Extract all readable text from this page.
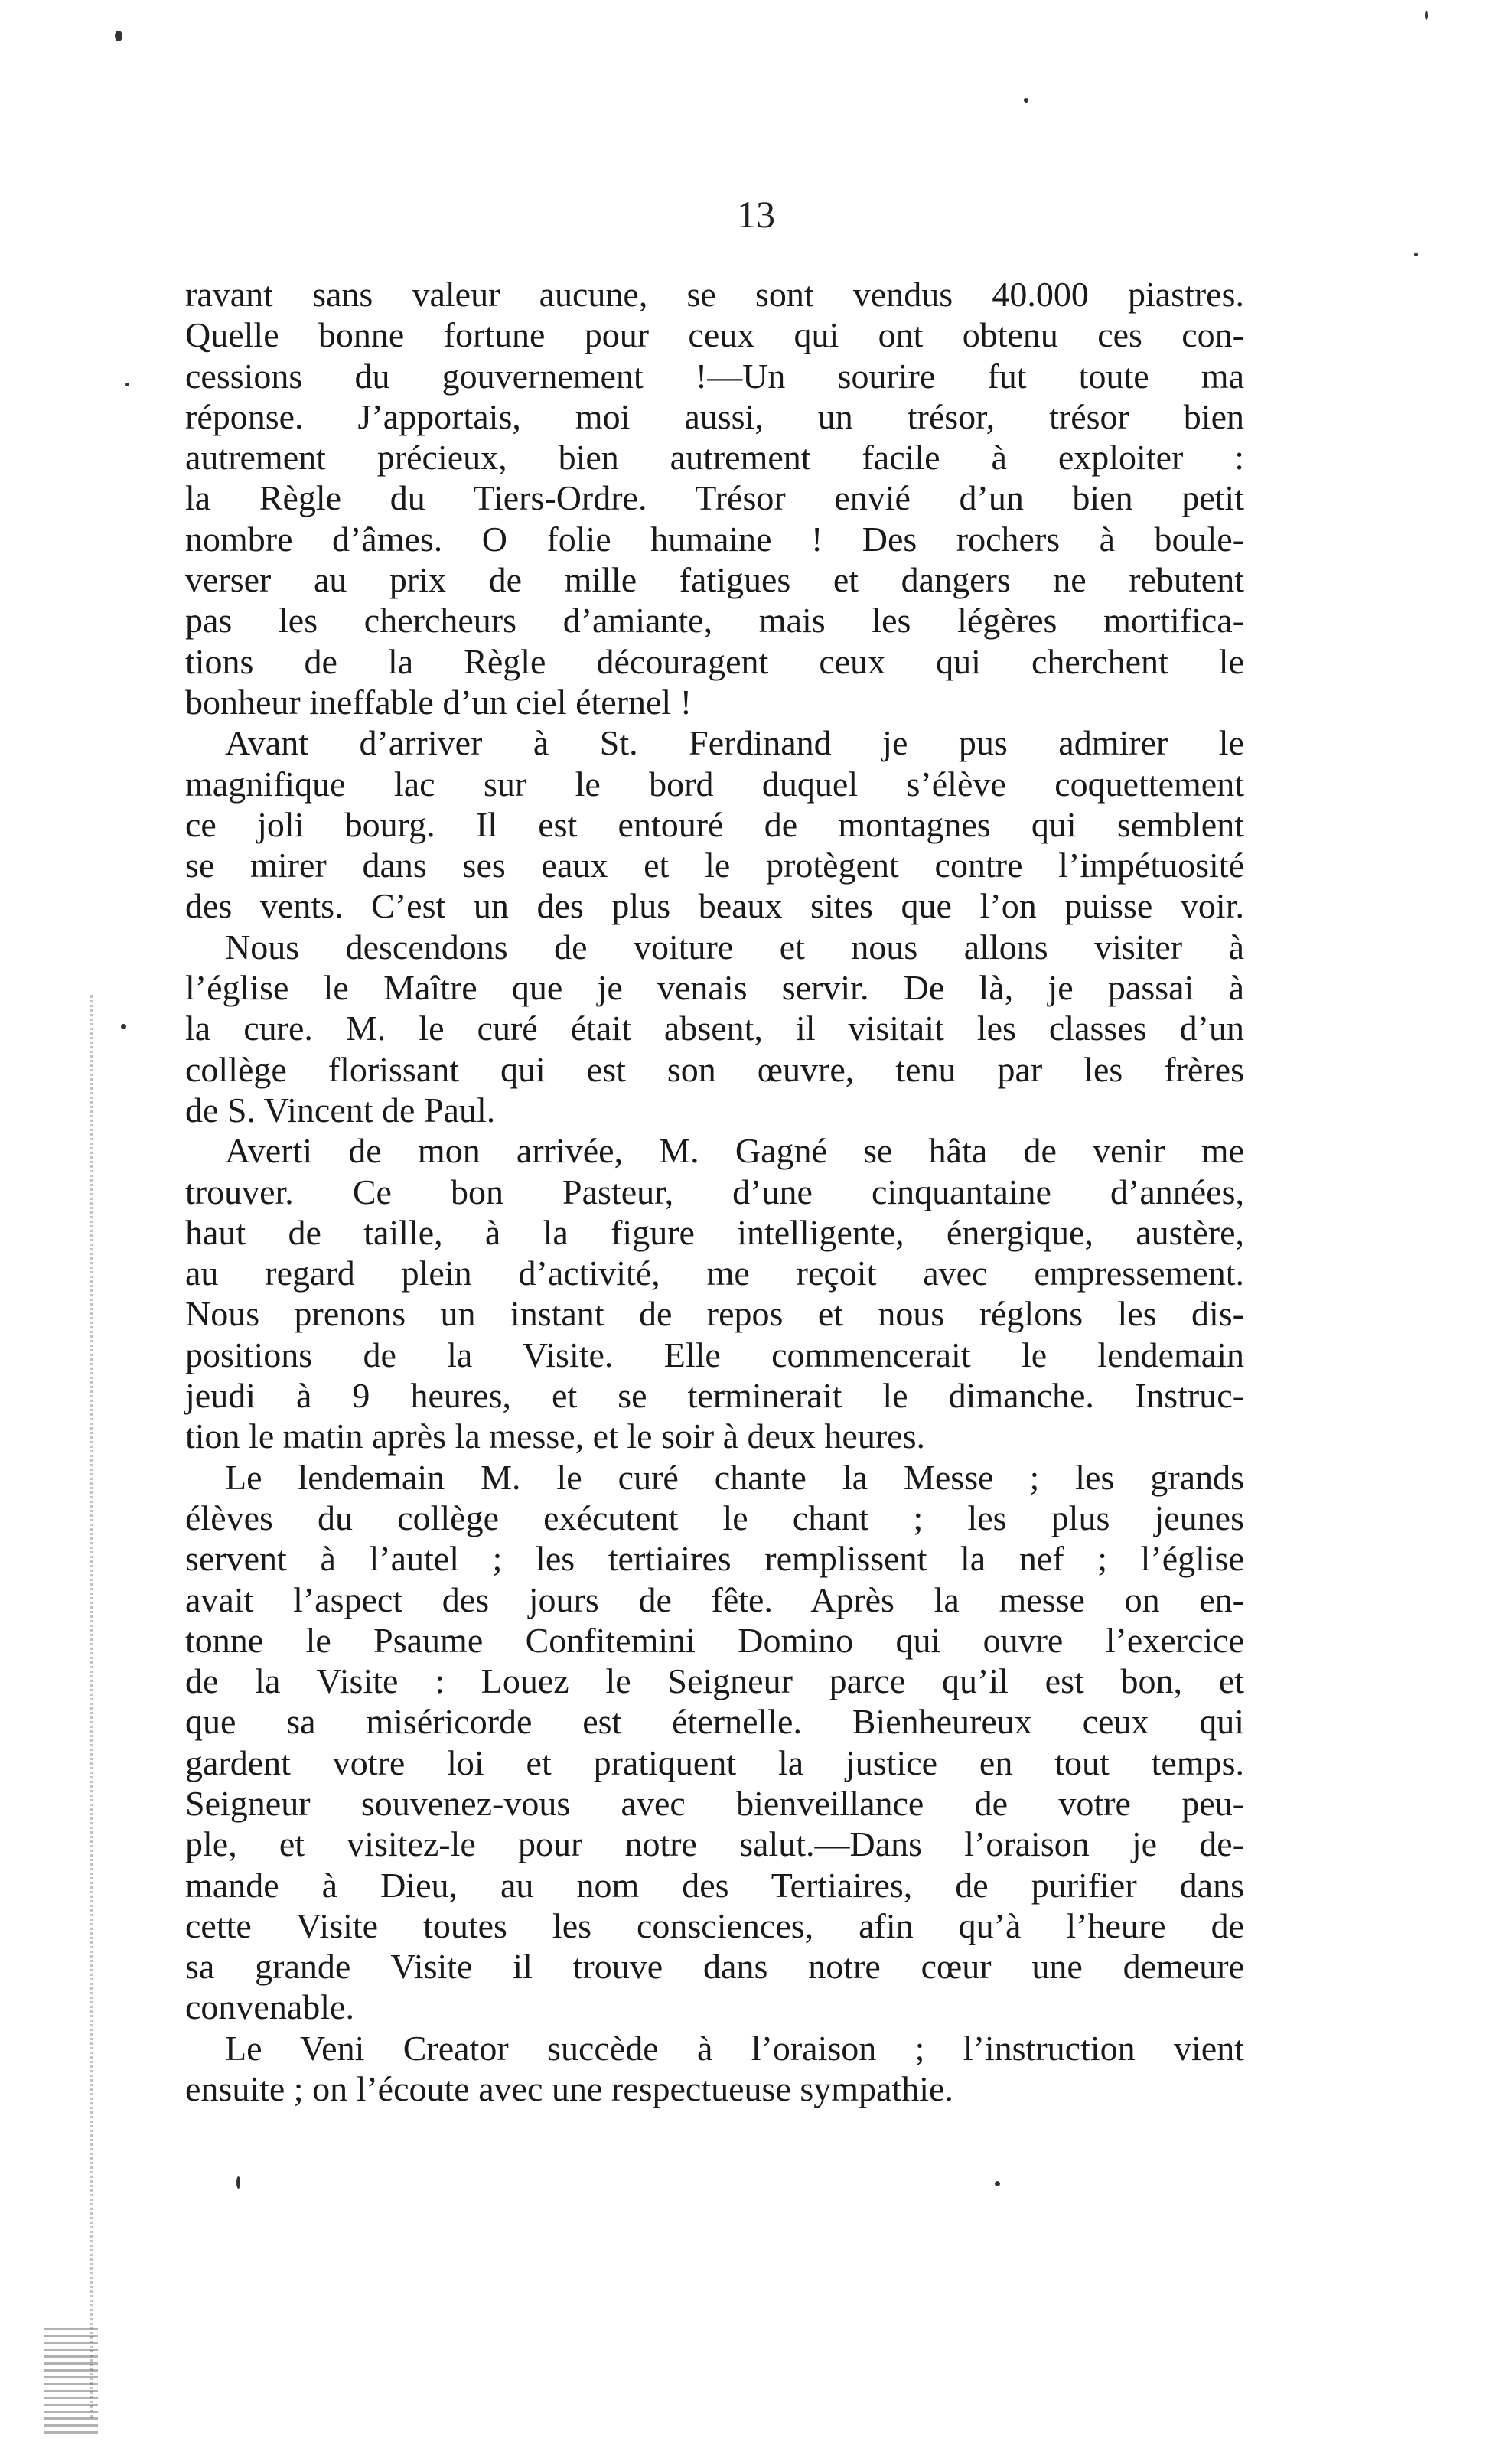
13
ravant sans valeur aucune, se sont vendus 40.000 piastres.
Quelle bonne fortune pour ceux qui ont obtenu ces con-
cessions du gouvernement !—Un sourire fut toute ma
réponse. J’apportais, moi aussi, un trésor, trésor bien
autrement précieux, bien autrement facile à exploiter :
la Règle du Tiers-Ordre. Trésor envié d’un bien petit
nombre d’âmes. O folie humaine ! Des rochers à boule-
verser au prix de mille fatigues et dangers ne rebutent
pas les chercheurs d’amiante, mais les légères mortifica-
tions de la Règle découragent ceux qui cherchent le
bonheur ineffable d’un ciel éternel !
Avant d’arriver à St. Ferdinand je pus admirer le
magnifique lac sur le bord duquel s’élève coquettement
ce joli bourg. Il est entouré de montagnes qui semblent
se mirer dans ses eaux et le protègent contre l’impétuosité
des vents. C’est un des plus beaux sites que l’on puisse voir.
Nous descendons de voiture et nous allons visiter à
l’église le Maître que je venais servir. De là, je passai à
la cure. M. le curé était absent, il visitait les classes d’un
collège florissant qui est son œuvre, tenu par les frères
de S. Vincent de Paul.
Averti de mon arrivée, M. Gagné se hâta de venir me
trouver. Ce bon Pasteur, d’une cinquantaine d’années,
haut de taille, à la figure intelligente, énergique, austère,
au regard plein d’activité, me reçoit avec empressement.
Nous prenons un instant de repos et nous réglons les dis-
positions de la Visite. Elle commencerait le lendemain
jeudi à 9 heures, et se terminerait le dimanche. Instruc-
tion le matin après la messe, et le soir à deux heures.
Le lendemain M. le curé chante la Messe ; les grands
élèves du collège exécutent le chant ; les plus jeunes
servent à l’autel ; les tertiaires remplissent la nef ; l’église
avait l’aspect des jours de fête. Après la messe on en-
tonne le Psaume Confitemini Domino qui ouvre l’exercice
de la Visite : Louez le Seigneur parce qu’il est bon, et
que sa miséricorde est éternelle. Bienheureux ceux qui
gardent votre loi et pratiquent la justice en tout temps.
Seigneur souvenez-vous avec bienveillance de votre peu-
ple, et visitez-le pour notre salut.—Dans l’oraison je de-
mande à Dieu, au nom des Tertiaires, de purifier dans
cette Visite toutes les consciences, afin qu’à l’heure de
sa grande Visite il trouve dans notre cœur une demeure
convenable.
Le Veni Creator succède à l’oraison ; l’instruction vient
ensuite ; on l’écoute avec une respectueuse sympathie.
